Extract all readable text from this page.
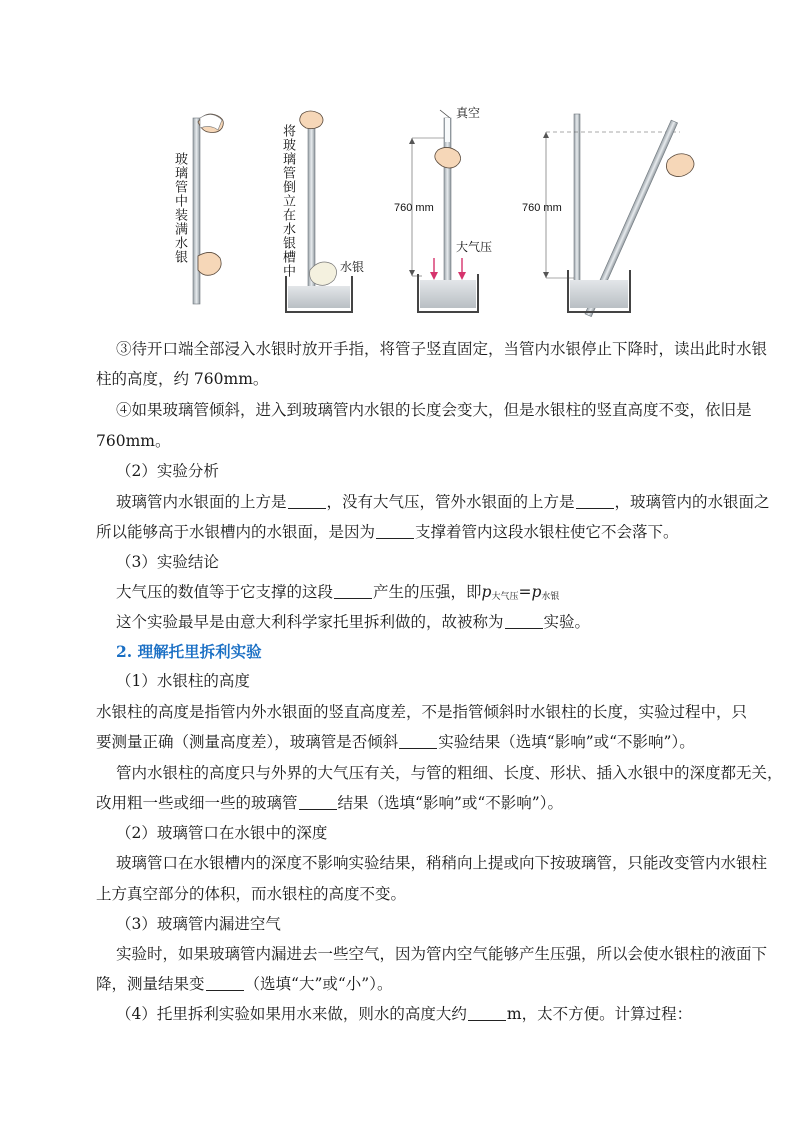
玻璃管中装满水银	将玻璃管倒立在水银槽中	水银
真空
760 mm
大气压
760 mm
③待开口端全部浸入水银时放开手指，将管子竖直固定，当管内水银停止下降时，读出此时水银
柱的高度，约 760mm。
④如果玻璃管倾斜，进入到玻璃管内水银的长度会变大，但是水银柱的竖直高度不变，依旧是
760mm。
（2）实验分析
玻璃管内水银面的上方是	，没有大气压，管外水银面的上方是	，玻璃管内的水银面之
所以能够高于水银槽内的水银面，是因为	支撑着管内这段水银柱使它不会落下。
（3）实验结论
大气压的数值等于它支撑的这段	产生的压强，即$p_{大气压}=p_{水银}$
这个实验最早是由意大利科学家托里拆利做的，故被称为	实验。
2. 理解托里拆利实验
（1）水银柱的高度
水银柱的高度是指管内外水银面的竖直高度差，不是指管倾斜时水银柱的长度，实验过程中，只
要测量正确（测量高度差），玻璃管是否倾斜	实验结果（选填“影响”或“不影响”）。
管内水银柱的高度只与外界的大气压有关，与管的粗细、长度、形状、插入水银中的深度都无关，
改用粗一些或细一些的玻璃管	结果（选填“影响”或“不影响”）。
（2）玻璃管口在水银中的深度
玻璃管口在水银槽内的深度不影响实验结果，稍稍向上提或向下按玻璃管，只能改变管内水银柱
上方真空部分的体积，而水银柱的高度不变。
（3）玻璃管内漏进空气
实验时，如果玻璃管内漏进去一些空气，因为管内空气能够产生压强，所以会使水银柱的液面下
降，测量结果变	（选填“大”或“小”）。
（4）托里拆利实验如果用水来做，则水的高度大约	m，太不方便。计算过程：
